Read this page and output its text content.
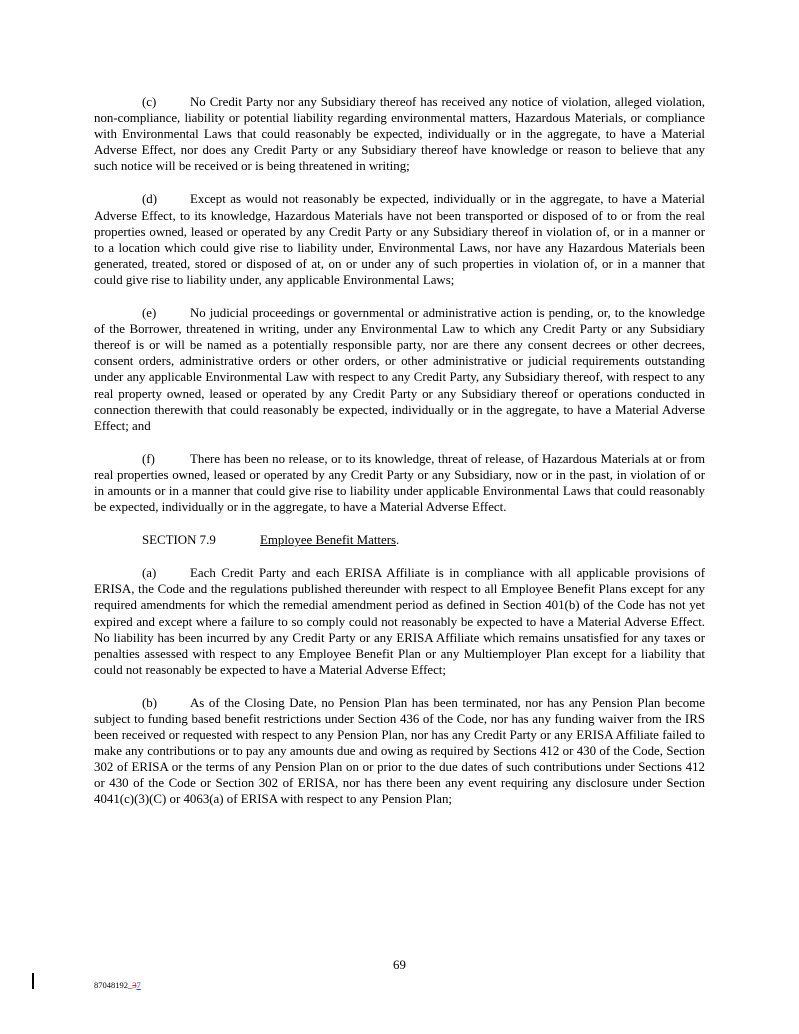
(c)	No Credit Party nor any Subsidiary thereof has received any notice of violation, alleged violation, non-compliance, liability or potential liability regarding environmental matters, Hazardous Materials, or compliance with Environmental Laws that could reasonably be expected, individually or in the aggregate, to have a Material Adverse Effect, nor does any Credit Party or any Subsidiary thereof have knowledge or reason to believe that any such notice will be received or is being threatened in writing;

(d)	Except as would not reasonably be expected, individually or in the aggregate, to have a Material Adverse Effect, to its knowledge, Hazardous Materials have not been transported or disposed of to or from the real properties owned, leased or operated by any Credit Party or any Subsidiary thereof in violation of, or in a manner or to a location which could give rise to liability under, Environmental Laws, nor have any Hazardous Materials been generated, treated, stored or disposed of at, on or under any of such properties in violation of, or in a manner that could give rise to liability under, any applicable Environmental Laws;

(e)	No judicial proceedings or governmental or administrative action is pending, or, to the knowledge of the Borrower, threatened in writing, under any Environmental Law to which any Credit Party or any Subsidiary thereof is or will be named as a potentially responsible party, nor are there any consent decrees or other decrees, consent orders, administrative orders or other orders, or other administrative or judicial requirements outstanding under any applicable Environmental Law with respect to any Credit Party, any Subsidiary thereof, with respect to any real property owned, leased or operated by any Credit Party or any Subsidiary thereof or operations conducted in connection therewith that could reasonably be expected, individually or in the aggregate, to have a Material Adverse Effect; and

(f)	There has been no release, or to its knowledge, threat of release, of Hazardous Materials at or from real properties owned, leased or operated by any Credit Party or any Subsidiary, now or in the past, in violation of or in amounts or in a manner that could give rise to liability under applicable Environmental Laws that could reasonably be expected, individually or in the aggregate, to have a Material Adverse Effect.

SECTION 7.9	Employee Benefit Matters.

(a)	Each Credit Party and each ERISA Affiliate is in compliance with all applicable provisions of ERISA, the Code and the regulations published thereunder with respect to all Employee Benefit Plans except for any required amendments for which the remedial amendment period as defined in Section 401(b) of the Code has not yet expired and except where a failure to so comply could not reasonably be expected to have a Material Adverse Effect. No liability has been incurred by any Credit Party or any ERISA Affiliate which remains unsatisfied for any taxes or penalties assessed with respect to any Employee Benefit Plan or any Multiemployer Plan except for a liability that could not reasonably be expected to have a Material Adverse Effect;

(b)	As of the Closing Date, no Pension Plan has been terminated, nor has any Pension Plan become subject to funding based benefit restrictions under Section 436 of the Code, nor has any funding waiver from the IRS been received or requested with respect to any Pension Plan, nor has any Credit Party or any ERISA Affiliate failed to make any contributions or to pay any amounts due and owing as required by Sections 412 or 430 of the Code, Section 302 of ERISA or the terms of any Pension Plan on or prior to the due dates of such contributions under Sections 412 or 430 of the Code or Section 302 of ERISA, nor has there been any event requiring any disclosure under Section 4041(c)(3)(C) or 4063(a) of ERISA with respect to any Pension Plan;

69
87048192_37
